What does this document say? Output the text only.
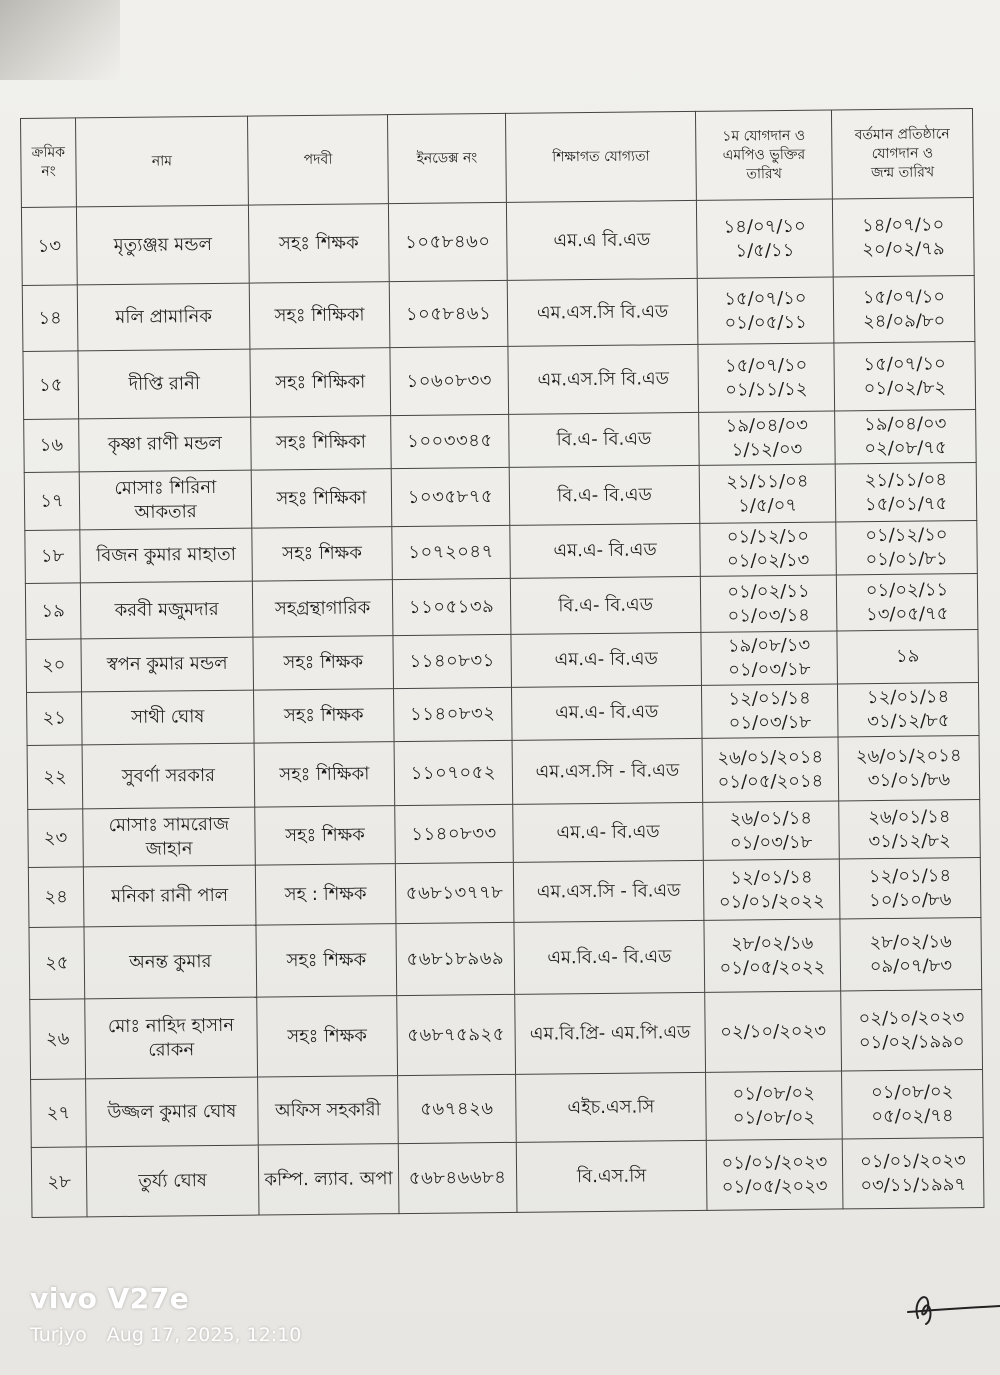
ক্রমিক নং	নাম	পদবী	ইনডেক্স নং	শিক্ষাগত যোগ্যতা	১ম যোগদান ও
এমপিও ভুক্তির
তারিখ	বর্তমান প্রতিষ্ঠানে
যোগদান ও
জন্ম তারিখ

১৩	মৃত্যুঞ্জয় মন্ডল	সহঃ শিক্ষক	১০৫৮৪৬০	এম.এ বি.এড	১৪/০৭/১০
১/৫/১১	১৪/০৭/১০
২০/০২/৭৯

১৪	মলি প্রামানিক	সহঃ শিক্ষিকা	১০৫৮৪৬১	এম.এস.সি বি.এড	১৫/০৭/১০
০১/০৫/১১	১৫/০৭/১০
২৪/০৯/৮০

১৫	দীপ্তি রানী	সহঃ শিক্ষিকা	১০৬০৮৩৩	এম.এস.সি বি.এড	১৫/০৭/১০
০১/১১/১২	১৫/০৭/১০
০১/০২/৮২

১৬	কৃষ্ণা রাণী মন্ডল	সহঃ শিক্ষিকা	১০০৩৩৪৫	বি.এ- বি.এড	১৯/০৪/০৩
১/১২/০৩	১৯/০৪/০৩
০২/০৮/৭৫

১৭	মোসাঃ শিরিনা আকতার	সহঃ শিক্ষিকা	১০৩৫৮৭৫	বি.এ- বি.এড	২১/১১/০৪
১/৫/০৭	২১/১১/০৪
১৫/০১/৭৫

১৮	বিজন কুমার মাহাতা	সহঃ শিক্ষক	১০৭২০৪৭	এম.এ- বি.এড	০১/১২/১০
০১/০২/১৩	০১/১২/১০
০১/০১/৮১

১৯	করবী মজুমদার	সহগ্রন্থাগারিক	১১০৫১৩৯	বি.এ- বি.এড	০১/০২/১১
০১/০৩/১৪	০১/০২/১১
১৩/০৫/৭৫

২০	স্বপন কুমার মন্ডল	সহঃ শিক্ষক	১১৪০৮৩১	এম.এ- বি.এড	১৯/০৮/১৩
০১/০৩/১৮	১৯

২১	সাথী ঘোষ	সহঃ শিক্ষক	১১৪০৮৩২	এম.এ- বি.এড	১২/০১/১৪
০১/০৩/১৮	১২/০১/১৪
৩১/১২/৮৫

২২	সুবর্ণা সরকার	সহঃ শিক্ষিকা	১১০৭০৫২	এম.এস.সি - বি.এড	২৬/০১/২০১৪
০১/০৫/২০১৪	২৬/০১/২০১৪
৩১/০১/৮৬

২৩	মোসাঃ সামরোজ জাহান	সহঃ শিক্ষক	১১৪০৮৩৩	এম.এ- বি.এড	২৬/০১/১৪
০১/০৩/১৮	২৬/০১/১৪
৩১/১২/৮২

২৪	মনিকা রানী পাল	সহ : শিক্ষক	৫৬৮১৩৭৭৮	এম.এস.সি - বি.এড	১২/০১/১৪
০১/০১/২০২২	১২/০১/১৪
১০/১০/৮৬

২৫	অনন্ত কুমার	সহঃ শিক্ষক	৫৬৮১৮৯৬৯	এম.বি.এ- বি.এড	২৮/০২/১৬
০১/০৫/২০২২	২৮/০২/১৬
০৯/০৭/৮৩

২৬	মোঃ নাহিদ হাসান রোকন	সহঃ শিক্ষক	৫৬৮৭৫৯২৫	এম.বি.প্রি- এম.পি.এড	০২/১০/২০২৩	০২/১০/২০২৩
০১/০২/১৯৯০

২৭	উজ্জল কুমার ঘোষ	অফিস সহকারী	৫৬৭৪২৬	এইচ.এস.সি	০১/০৮/০২
০১/০৮/০২	০১/০৮/০২
০৫/০২/৭৪

২৮	তুর্য্য ঘোষ	কম্পি. ল্যাব. অপা	৫৬৮৪৬৬৮৪	বি.এস.সি	০১/০১/২০২৩
০১/০৫/২০২৩	০১/০১/২০২৩
০৩/১১/১৯৯৭
vivo V27e
Turjyo Aug 17, 2025, 12:10
